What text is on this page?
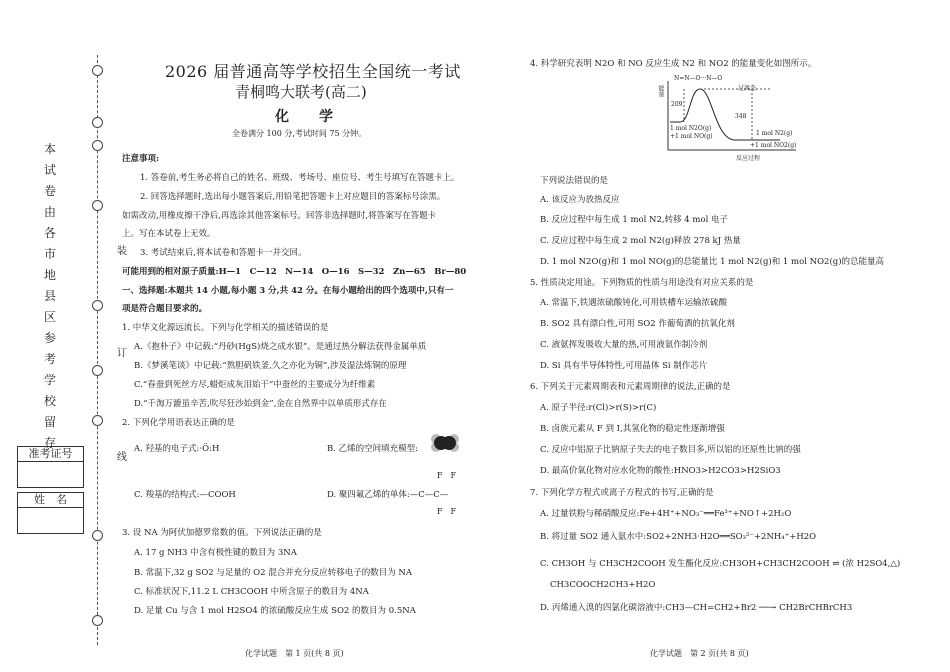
本
试
卷
由
各
市
地
县
区
参
考
学
校
留
存
装
订
线
准考证号
姓　名
2026 届普通高等学校招生全国统一考试
青桐鸣大联考(高二)
化　学
全卷满分 100 分,考试时间 75 分钟。
注意事项:
1. 答卷前,考生务必将自己的姓名、班级、考场号、座位号、考生号填写在答题卡上。
2. 回答选择题时,选出每小题答案后,用铅笔把答题卡上对应题目的答案标号涂黑。
如需改动,用橡皮擦干净后,再选涂其他答案标号。回答非选择题时,将答案写在答题卡
上。写在本试卷上无效。
3. 考试结束后,将本试卷和答题卡一并交回。
可能用到的相对原子质量:H—1　C—12　N—14　O—16　S—32　Zn—65　Br—80
一、选择题:本题共 14 小题,每小题 3 分,共 42 分。在每小题给出的四个选项中,只有一
项是符合题目要求的。
1. 中华文化源远流长。下列与化学相关的描述错误的是
A.《抱朴子》中记载:“丹砂(HgS)烧之成水银”。是通过热分解法获得金属单质
B.《梦溪笔谈》中记载:“熬胆矾铁釜,久之亦化为铜”,涉及湿法炼铜的原理
C.“春蚕到死丝方尽,蜡炬成灰泪始干”中蚕丝的主要成分为纤维素
D.“千淘万漉虽辛苦,吹尽狂沙始到金”,金在自然界中以单质形式存在
2. 下列化学用语表达正确的是
A. 羟基的电子式:·Ö:H	B. 乙烯的空间填充模型:
C. 羧基的结构式:—COOH	D. 聚四氟乙烯的单体:—C—C—
F　F
F　F
3. 设 NA 为阿伏加德罗常数的值。下列说法正确的是
A. 17 g NH3 中含有极性键的数目为 3NA
B. 常温下,32 g SO2 与足量的 O2 混合并充分反应转移电子的数目为 NA
C. 标准状况下,11.2 L CH3COOH 中所含原子的数目为 4NA
D. 足量 Cu 与含 1 mol H2SO4 的浓硫酸反应生成 SO2 的数目为 0.5NA
化学试题　第 1 页(共 8 页)
4. 科学研究表明 N2O 和 NO 反应生成 N2 和 NO2 的能量变化如图所示。
能量
N=N—O···N—O
过渡态
209
348
1 mol N2O(g)
+1 mol NO(g)	1 mol N2(g)
+1 mol NO2(g)
反应过程
下列说法错误的是
A. 该反应为放热反应
B. 反应过程中每生成 1 mol N2,转移 4 mol 电子
C. 反应过程中每生成 2 mol N2(g)释放 278 kJ 热量
D. 1 mol N2O(g)和 1 mol NO(g)的总能量比 1 mol N2(g)和 1 mol NO2(g)的总能量高
5. 性质决定用途。下列物质的性质与用途没有对应关系的是
A. 常温下,铁遇浓硫酸钝化,可用铁槽车运输浓硫酸
B. SO2 具有漂白性,可用 SO2 作葡萄酒的抗氧化剂
C. 液氨挥发吸收大量的热,可用液氨作制冷剂
D. Si 具有半导体特性,可用晶体 Si 制作芯片
6. 下列关于元素周期表和元素周期律的说法,正确的是
A. 原子半径:r(Cl)>r(S)>r(C)
B. 卤族元素从 F 到 I,其氢化物的稳定性逐渐增强
C. 反应中铝原子比钠原子失去的电子数目多,所以铝的还原性比钠的强
D. 最高价氧化物对应水化物的酸性:HNO3>H2CO3>H2SiO3
7. 下列化学方程式或离子方程式的书写,正确的是
A. 过量铁粉与稀硝酸反应:Fe+4H⁺+NO₃⁻══Fe³⁺+NO↑+2H₂O
B. 将过量 SO2 通入氨水中:SO2+2NH3·H2O══SO₃²⁻+2NH₄⁺+H2O
C. CH3OH 与 CH3CH2COOH 发生酯化反应:CH3OH+CH3CH2COOH ⇌ (浓 H2SO4,△)
CH3COOCH2CH3+H2O
D. 丙烯通入溴的四氯化碳溶液中:CH3—CH=CH2+Br2 ──→ CH2BrCHBrCH3
化学试题　第 2 页(共 8 页)
